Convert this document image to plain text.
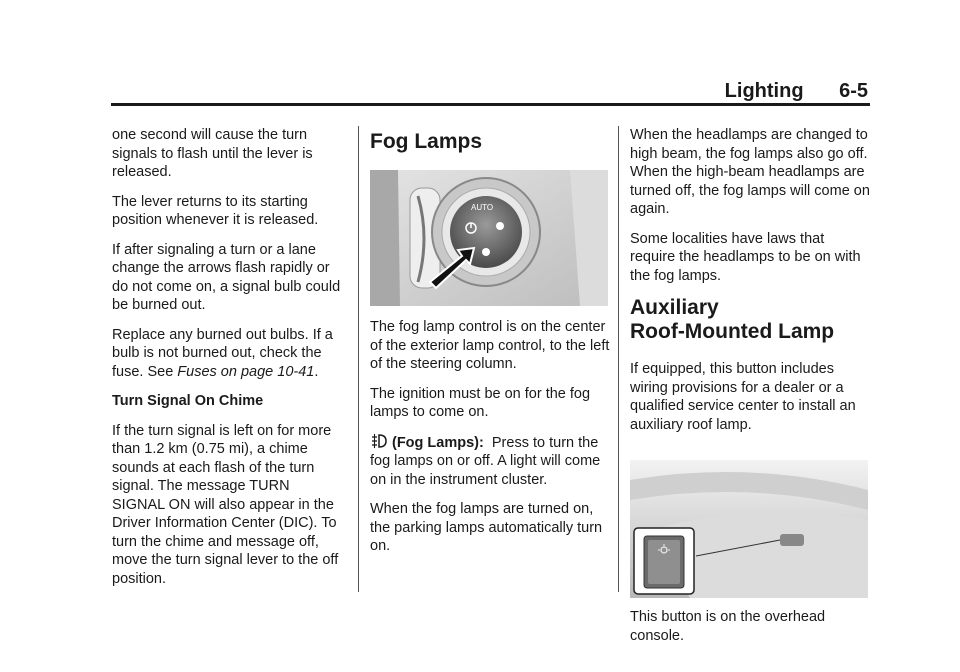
Lighting 6-5

one second will cause the turn signals to flash until the lever is released.

The lever returns to its starting position whenever it is released.

If after signaling a turn or a lane change the arrows flash rapidly or do not come on, a signal bulb could be burned out.

Replace any burned out bulbs. If a bulb is not burned out, check the fuse. See Fuses on page 10-41.

Turn Signal On Chime

If the turn signal is left on for more than 1.2 km (0.75 mi), a chime sounds at each flash of the turn signal. The message TURN SIGNAL ON will also appear in the Driver Information Center (DIC). To turn the chime and message off, move the turn signal lever to the off position.

Fog Lamps
AUTO

The fog lamp control is on the center of the exterior lamp control, to the left of the steering column.

The ignition must be on for the fog lamps to come on.

(Fog Lamps): Press to turn the fog lamps on or off. A light will come on in the instrument cluster.

When the fog lamps are turned on, the parking lamps automatically turn on.

When the headlamps are changed to high beam, the fog lamps also go off. When the high-beam headlamps are turned off, the fog lamps will come on again.

Some localities have laws that require the headlamps to be on with the fog lamps.

Auxiliary
Roof-Mounted Lamp

If equipped, this button includes wiring provisions for a dealer or a qualified service center to install an auxiliary roof lamp.

This button is on the overhead console.
